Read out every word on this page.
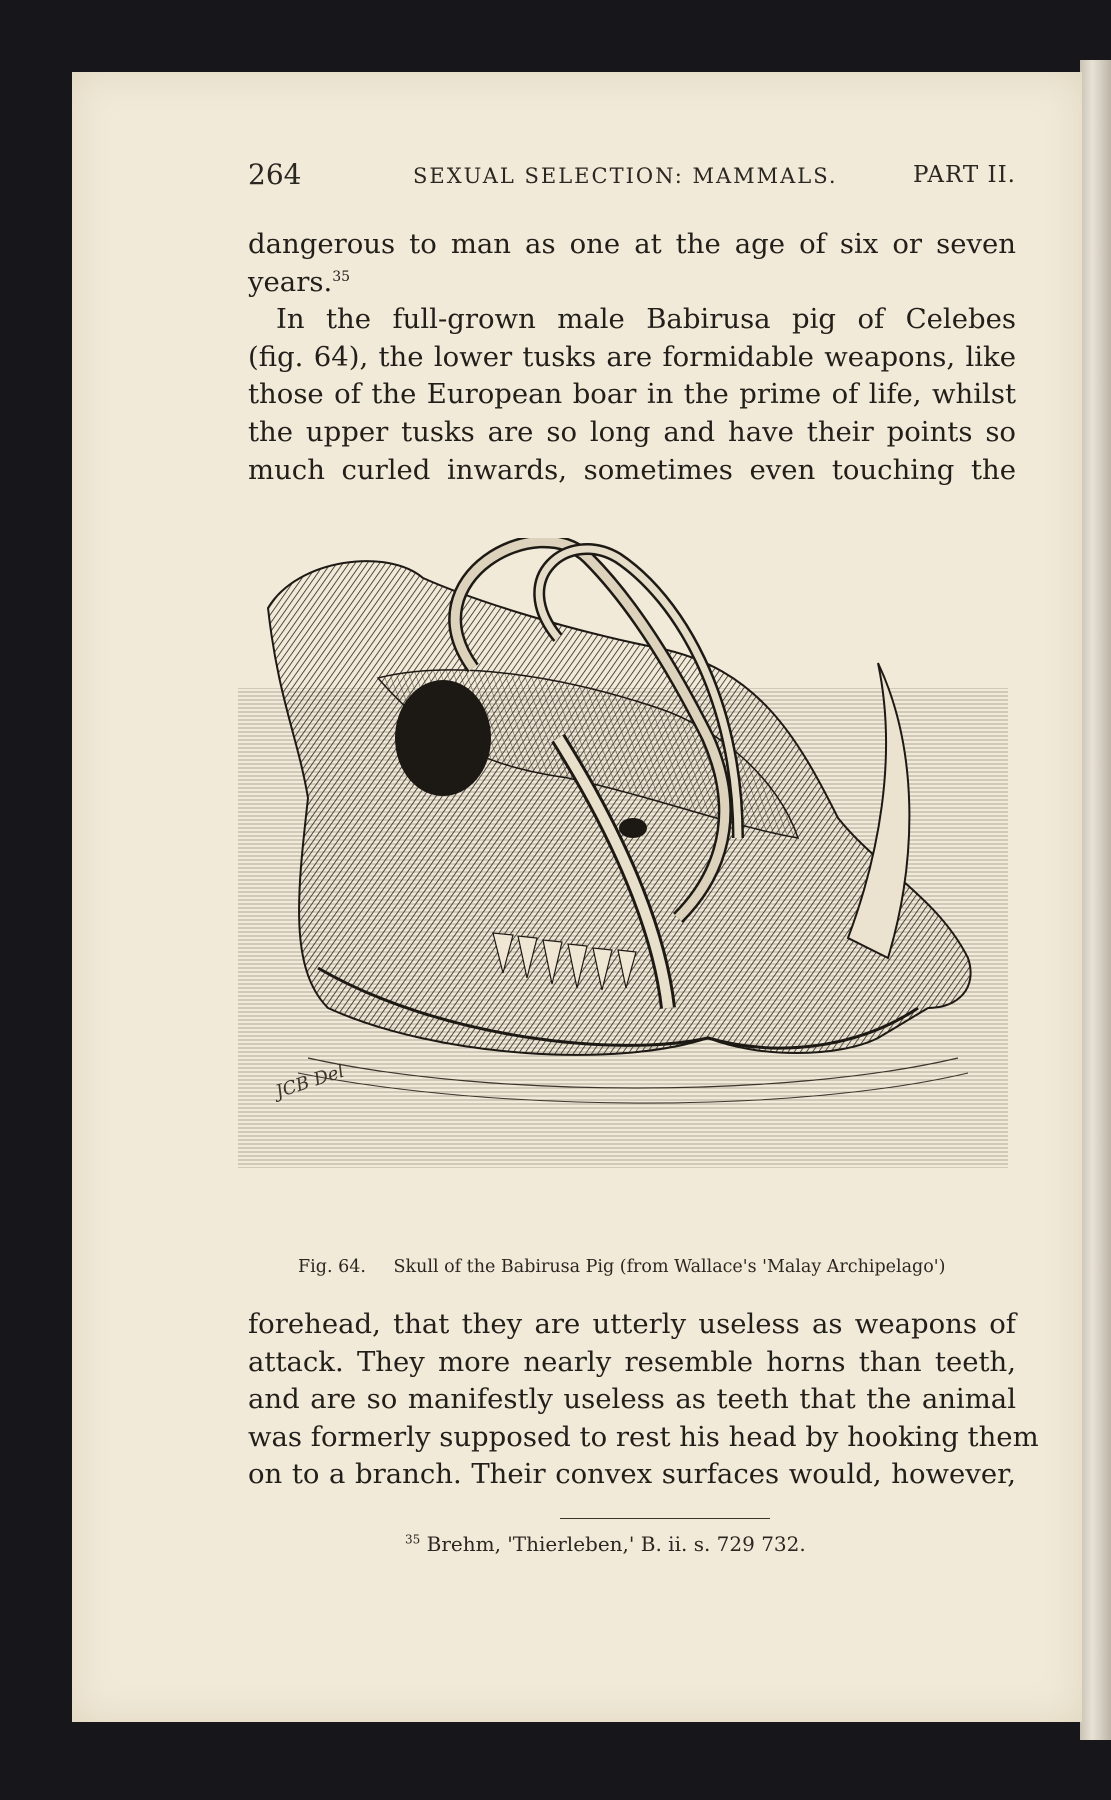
264	SEXUAL SELECTION: MAMMALS.	PART II.
dangerous to man as one at the age of six or seven
years.$^{35}$
In the full-grown male Babirusa pig of Celebes
(fig. 64), the lower tusks are formidable weapons, like
those of the European boar in the prime of life, whilst
the upper tusks are so long and have their points so
much curled inwards, sometimes even touching the
JCB Del
Fig. 64. Skull of the Babirusa Pig (from Wallace's 'Malay Archipelago')
forehead, that they are utterly useless as weapons of
attack. They more nearly resemble horns than teeth,
and are so manifestly useless as teeth that the animal
was formerly supposed to rest his head by hooking them
on to a branch. Their convex surfaces would, however,
$^{35}$ Brehm, 'Thierleben,' B. ii. s. 729 732.
